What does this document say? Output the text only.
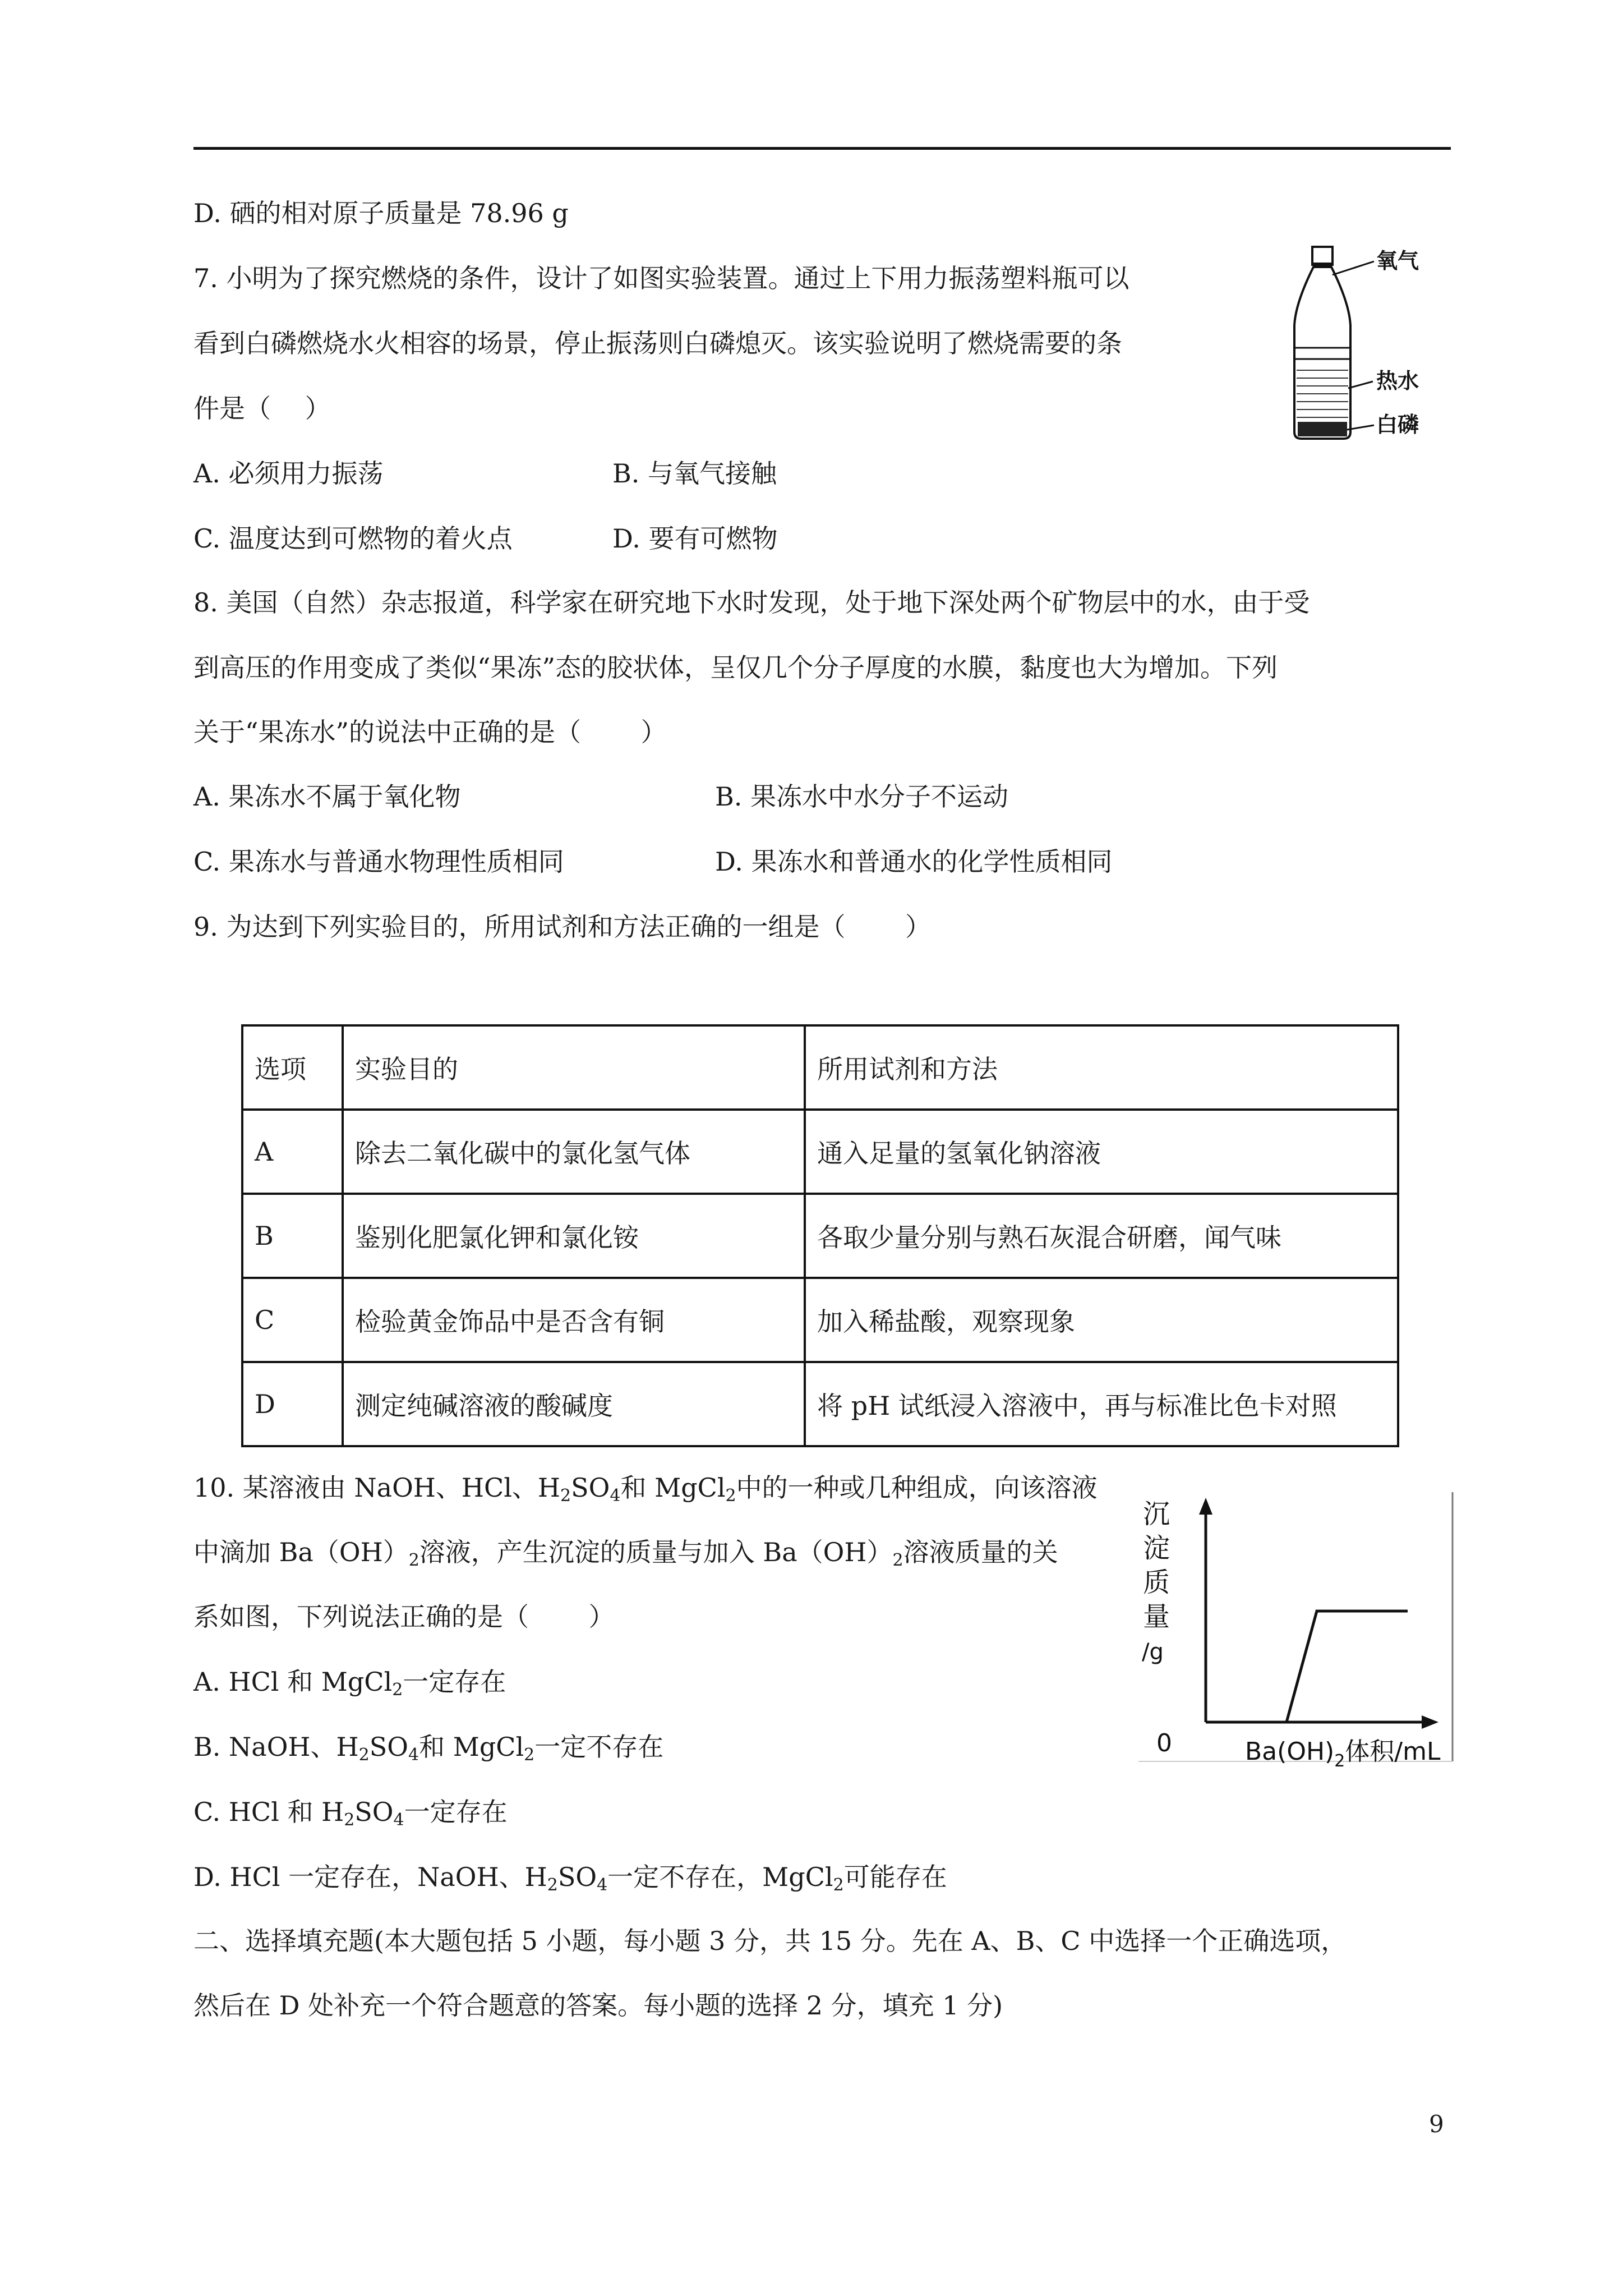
D. 硒的相对原子质量是 78.96 g
7. 小明为了探究燃烧的条件，设计了如图实验装置。通过上下用力振荡塑料瓶可以
看到白磷燃烧水火相容的场景，停止振荡则白磷熄灭。该实验说明了燃烧需要的条
件是（　 ）
A. 必须用力振荡	B. 与氧气接触
C. 温度达到可燃物的着火点	D. 要有可燃物
氧气
热水
白磷
8. 美国（自然）杂志报道，科学家在研究地下水时发现，处于地下深处两个矿物层中的水，由于受
到高压的作用变成了类似“果冻”态的胶状体，呈仅几个分子厚度的水膜，黏度也大为增加。下列
关于“果冻水”的说法中正确的是（　　 ）
A. 果冻水不属于氧化物	B. 果冻水中水分子不运动
C. 果冻水与普通水物理性质相同	D. 果冻水和普通水的化学性质相同
9. 为达到下列实验目的，所用试剂和方法正确的一组是（　　 ）
选项	实验目的	所用试剂和方法
A	除去二氧化碳中的氯化氢气体	通入足量的氢氧化钠溶液
B	鉴别化肥氯化钾和氯化铵	各取少量分别与熟石灰混合研磨，闻气味
C	检验黄金饰品中是否含有铜	加入稀盐酸，观察现象
D	测定纯碱溶液的酸碱度	将 pH 试纸浸入溶液中，再与标准比色卡对照
10. 某溶液由 NaOH、HCl、$H_2SO_4$和 MgCl$_2$中的一种或几种组成，向该溶液
中滴加 $Ba(OH)_2$溶液，产生沉淀的质量与加入 $Ba(OH)_2$溶液质量的关
系如图，下列说法正确的是（　　 ）
A. HCl 和 MgCl$_2$一定存在
B. NaOH、$H_2SO_4$和 MgCl$_2$一定不存在
C. HCl 和 $H_2SO_4$一定存在
D. HCl 一定存在，NaOH、$H_2SO_4$一定不存在，MgCl$_2$可能存在
沉
淀
质
量
/g
0	$Ba(OH)_2$体积/mL
二、选择填充题(本大题包括 5 小题，每小题 3 分，共 15 分。先在 A、B、C 中选择一个正确选项，
然后在 D 处补充一个符合题意的答案。每小题的选择 2 分，填充 1 分)
9
